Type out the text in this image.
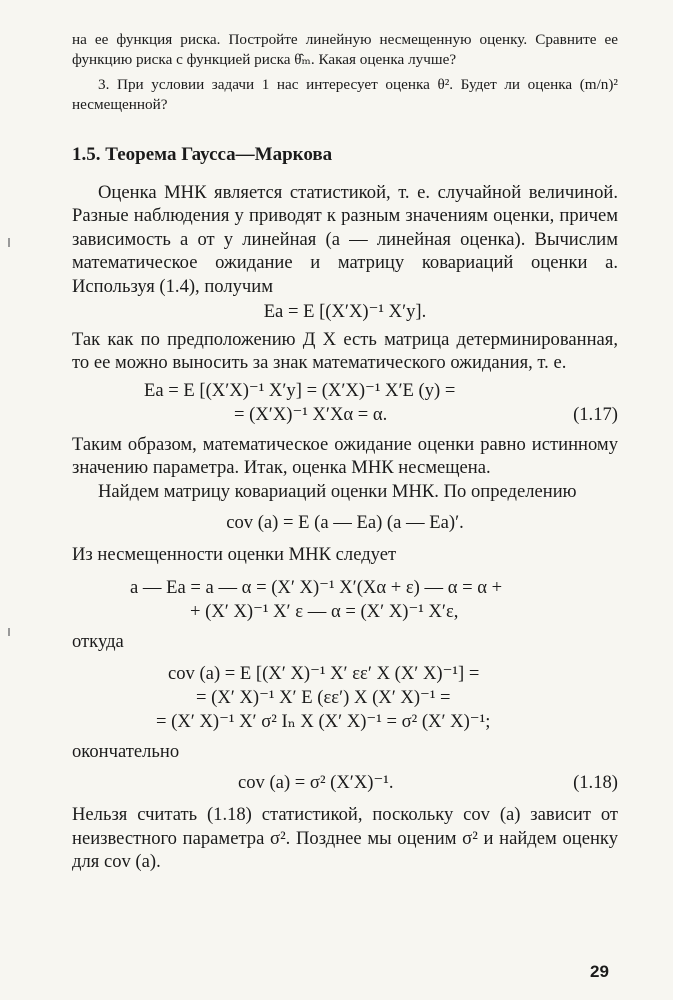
на ее функция риска. Постройте линейную несмещенную оценку. Сравните ее функцию риска с функцией риска θ̂ₘ. Какая оценка лучше?

3. При условии задачи 1 нас интересует оценка θ². Будет ли оценка (m/n)² несмещенной?

1.5. Теорема Гаусса—Маркова

Оценка МНК является статистикой, т. е. случайной величиной. Разные наблюдения y приводят к разным значениям оценки, причем зависимость a от y линейная (a — линейная оценка). Вычислим математическое ожидание и матрицу ковариаций оценки a. Используя (1.4), получим

Ea = E [(X′X)⁻¹ X′y].

Так как по предположению Д X есть матрица детерминированная, то ее можно выносить за знак математического ожидания, т. е.

Ea = E [(X′X)⁻¹ X′y] = (X′X)⁻¹ X′E (y) =
= (X′X)⁻¹ X′Xα = α.	(1.17)

Таким образом, математическое ожидание оценки равно истинному значению параметра. Итак, оценка МНК несмещена.

Найдем матрицу ковариаций оценки МНК. По определению

cov (a) = E (a — Ea) (a — Ea)′.

Из несмещенности оценки МНК следует

a — Ea = a — α = (X′ X)⁻¹ X′(Xα + ε) — α = α +
+ (X′ X)⁻¹ X′ ε — α = (X′ X)⁻¹ X′ε,

откуда

cov (a) = E [(X′ X)⁻¹ X′ εε′ X (X′ X)⁻¹] =
= (X′ X)⁻¹ X′ E (εε′) X (X′ X)⁻¹ =
= (X′ X)⁻¹ X′ σ² Iₙ X (X′ X)⁻¹ = σ² (X′ X)⁻¹;

окончательно

cov (a) = σ² (X′X)⁻¹.	(1.18)

Нельзя считать (1.18) статистикой, поскольку cov (a) зависит от неизвестного параметра σ². Позднее мы оценим σ² и найдем оценку для cov (a).

29
